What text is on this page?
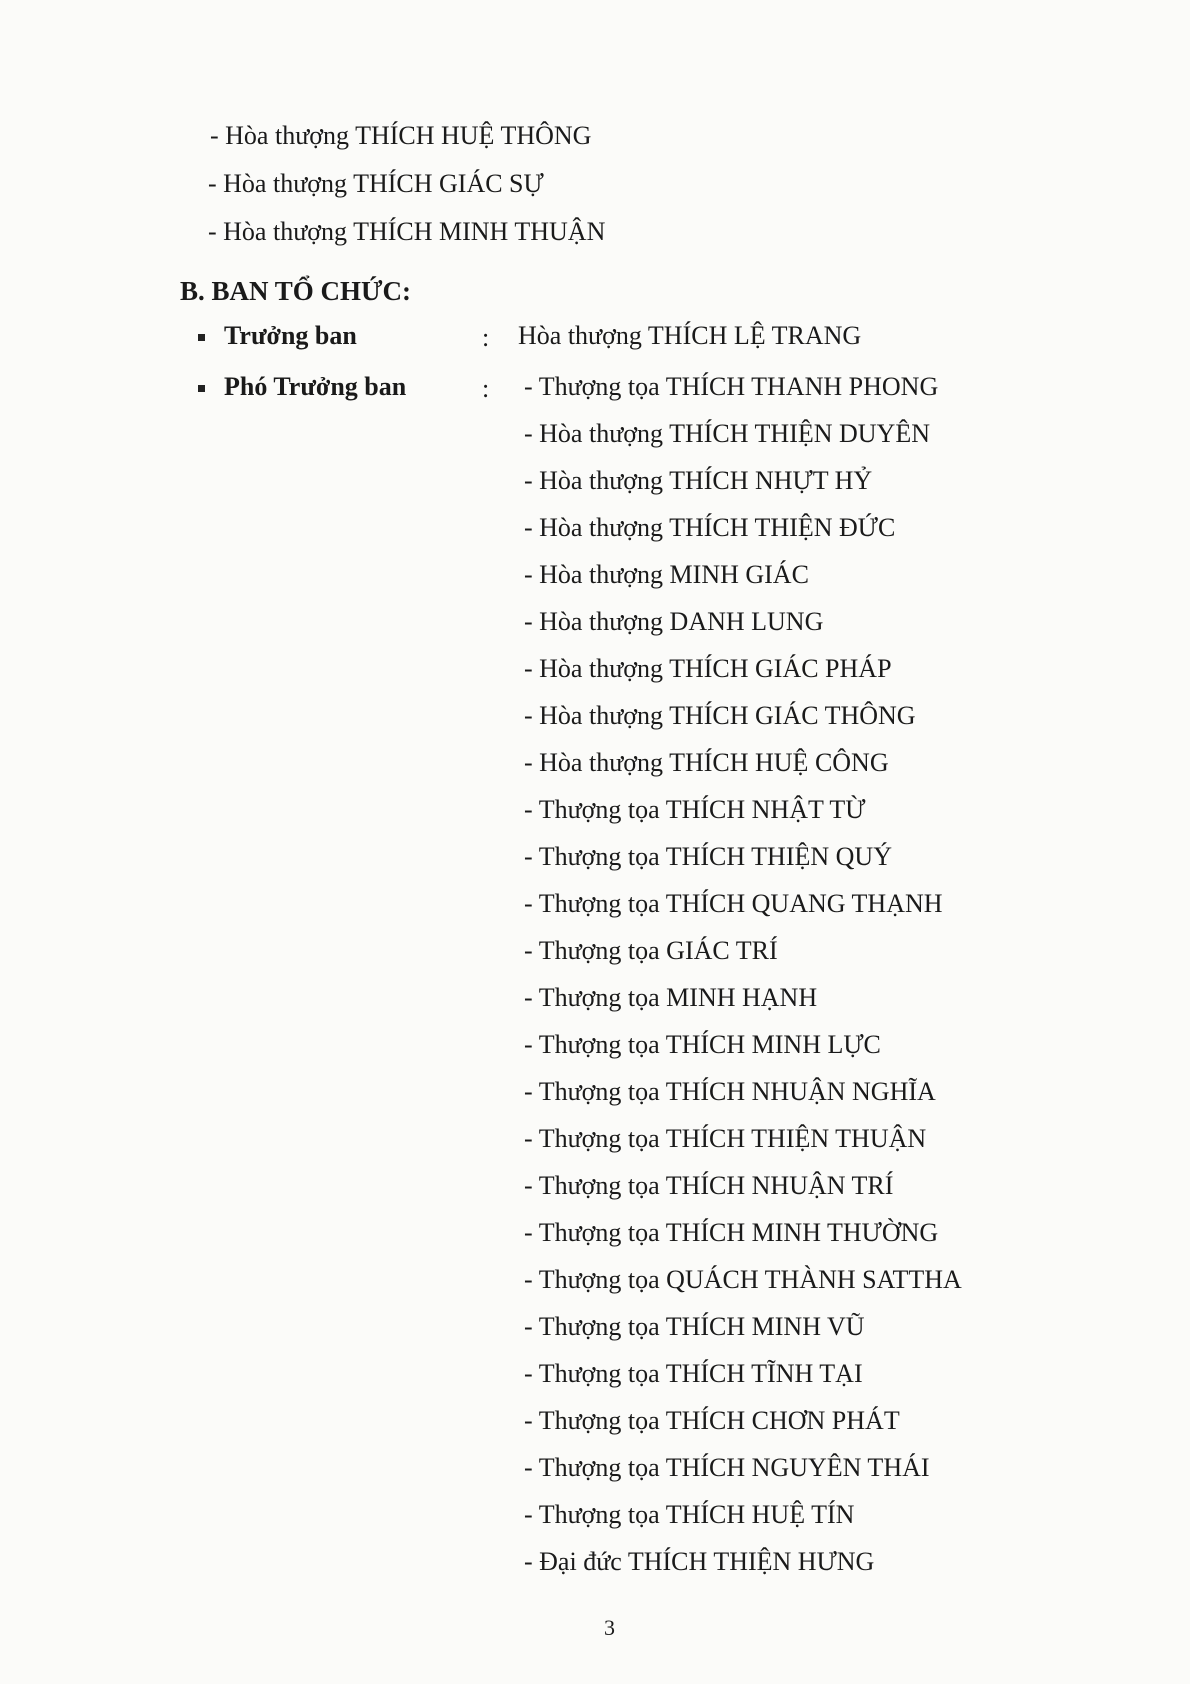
- Hòa thượng THÍCH HUỆ THÔNG
- Hòa thượng THÍCH GIÁC SỰ
- Hòa thượng THÍCH MINH THUẬN
B. BAN TỔ CHỨC:
Trưởng ban	: Hòa thượng THÍCH LỆ TRANG
Phó Trưởng ban	: - Thượng tọa THÍCH THANH PHONG
- Hòa thượng THÍCH THIỆN DUYÊN
- Hòa thượng THÍCH NHỰT HỶ
- Hòa thượng THÍCH THIỆN ĐỨC
- Hòa thượng MINH GIÁC
- Hòa thượng DANH LUNG
- Hòa thượng THÍCH GIÁC PHÁP
- Hòa thượng THÍCH GIÁC THÔNG
- Hòa thượng THÍCH HUỆ CÔNG
- Thượng tọa THÍCH NHẬT TỪ
- Thượng tọa THÍCH THIỆN QUÝ
- Thượng tọa THÍCH QUANG THẠNH
- Thượng tọa GIÁC TRÍ
- Thượng tọa MINH HẠNH
- Thượng tọa THÍCH MINH LỰC
- Thượng tọa THÍCH NHUẬN NGHĨA
- Thượng tọa THÍCH THIỆN THUẬN
- Thượng tọa THÍCH NHUẬN TRÍ
- Thượng tọa THÍCH MINH THƯỜNG
- Thượng tọa QUÁCH THÀNH SATTHA
- Thượng tọa THÍCH MINH VŨ
- Thượng tọa THÍCH TĨNH TẠI
- Thượng tọa THÍCH CHƠN PHÁT
- Thượng tọa THÍCH NGUYÊN THÁI
- Thượng tọa THÍCH HUỆ TÍN
- Đại đức THÍCH THIỆN HƯNG
3
